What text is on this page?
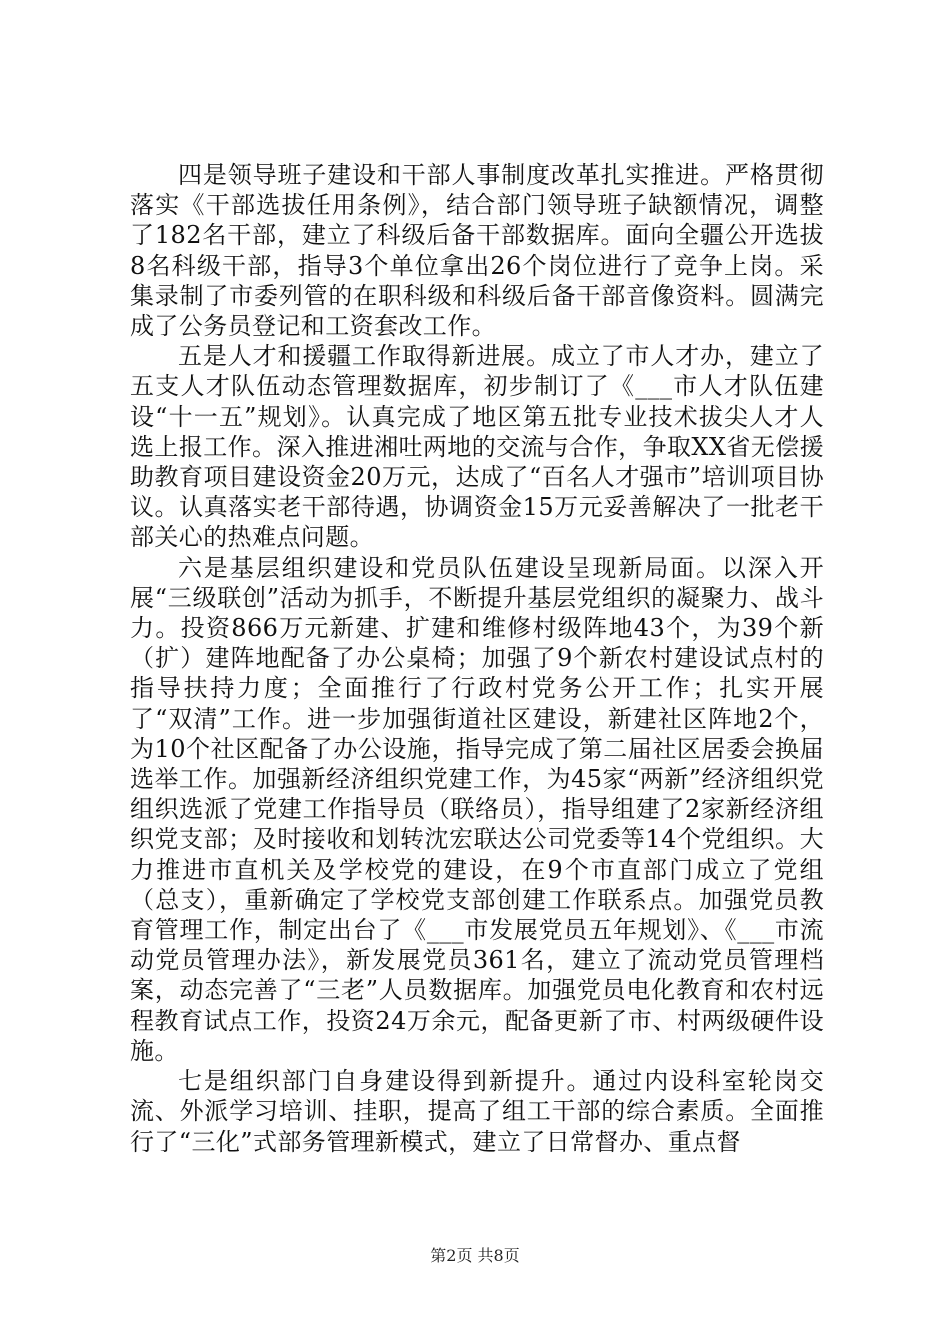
四是领导班子建设和干部人事制度改革扎实推进。严格贯彻落实《干部选拔任用条例》，结合部门领导班子缺额情况，调整了182名干部，建立了科级后备干部数据库。面向全疆公开选拔8名科级干部，指导3个单位拿出26个岗位进行了竞争上岗。采集录制了市委列管的在职科级和科级后备干部音像资料。圆满完成了公务员登记和工资套改工作。

五是人才和援疆工作取得新进展。成立了市人才办，建立了五支人才队伍动态管理数据库，初步制订了《___市人才队伍建设“十一五”规划》。认真完成了地区第五批专业技术拔尖人才人选上报工作。深入推进湘吐两地的交流与合作，争取XX省无偿援助教育项目建设资金20万元，达成了“百名人才强市”培训项目协议。认真落实老干部待遇，协调资金15万元妥善解决了一批老干部关心的热难点问题。

六是基层组织建设和党员队伍建设呈现新局面。以深入开展“三级联创”活动为抓手，不断提升基层党组织的凝聚力、战斗力。投资866万元新建、扩建和维修村级阵地43个，为39个新（扩）建阵地配备了办公桌椅；加强了9个新农村建设试点村的指导扶持力度；全面推行了行政村党务公开工作；扎实开展了“双清”工作。进一步加强街道社区建设，新建社区阵地2个，为10个社区配备了办公设施，指导完成了第二届社区居委会换届选举工作。加强新经济组织党建工作，为45家“两新”经济组织党组织选派了党建工作指导员（联络员），指导组建了2家新经济组织党支部；及时接收和划转沈宏联达公司党委等14个党组织。大力推进市直机关及学校党的建设，在9个市直部门成立了党组（总支），重新确定了学校党支部创建工作联系点。加强党员教育管理工作，制定出台了《___市发展党员五年规划》、《___市流动党员管理办法》，新发展党员361名，建立了流动党员管理档案，动态完善了“三老”人员数据库。加强党员电化教育和农村远程教育试点工作，投资24万余元，配备更新了市、村两级硬件设施。

七是组织部门自身建设得到新提升。通过内设科室轮岗交流、外派学习培训、挂职，提高了组工干部的综合素质。全面推行了“三化”式部务管理新模式，建立了日常督办、重点督

第2页 共8页
